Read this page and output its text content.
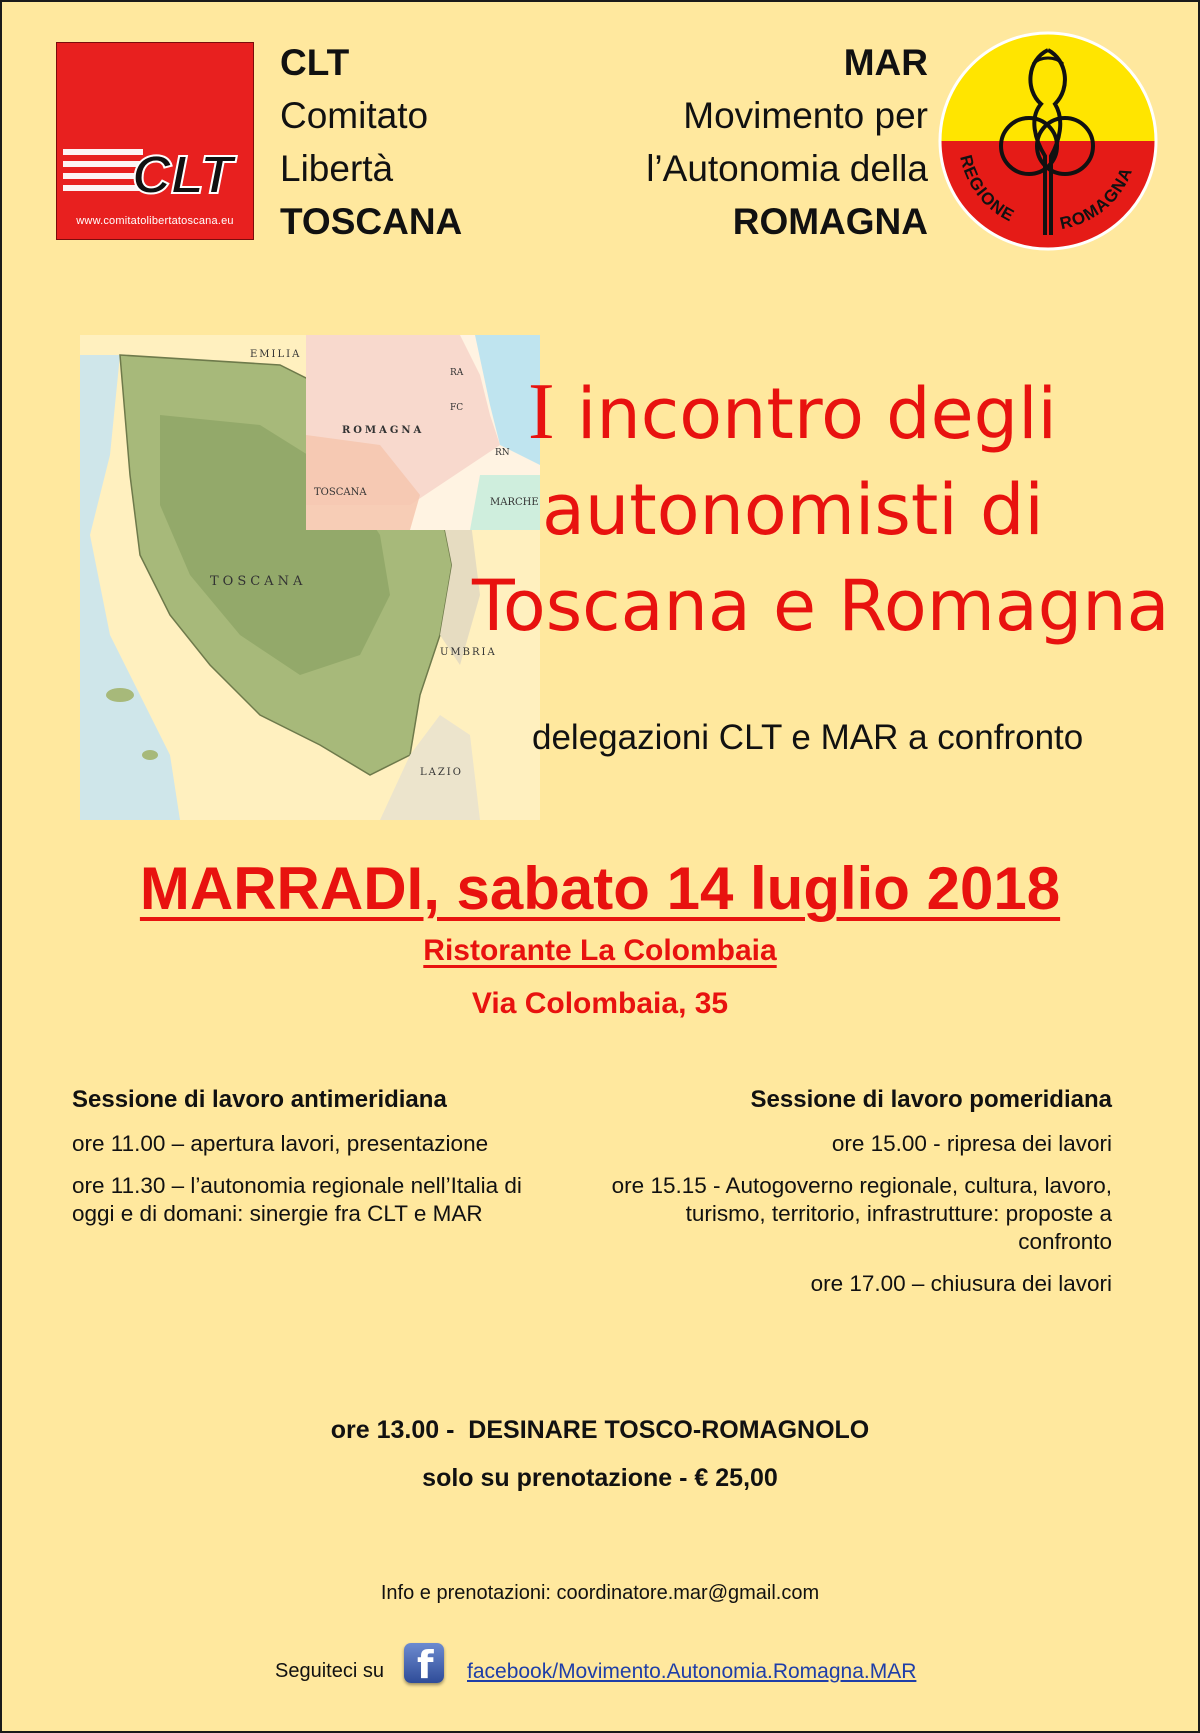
CLT
www.comitatolibertatoscana.eu
CLT
Comitato
Libertà
TOSCANA
MAR
Movimento per
l’Autonomia della
ROMAGNA
REGIONE ROMAGNA
EMILIA
ROMAGNA
TOSCANA
MARCHE
TOSCANA
UMBRIA
LAZIO
RA
FC
RN I incontro degli
autonomisti di
Toscana e Romagna
delegazioni CLT e MAR a confronto
MARRADI, sabato 14 luglio 2018
Ristorante La Colombaia
Via Colombaia, 35
Sessione di lavoro antimeridiana

ore 11.00 – apertura lavori, presentazione

ore 11.30 – l’autonomia regionale nell’Italia di oggi e di domani: sinergie fra CLT e MAR

Sessione di lavoro pomeridiana

ore 15.00 - ripresa dei lavori

ore 15.15 - Autogoverno regionale, cultura, lavoro, turismo, territorio, infrastrutture: proposte a confronto

ore 17.00 – chiusura dei lavori

ore 13.00 -  DESINARE TOSCO-ROMAGNOLO
solo su prenotazione - € 25,00
Info e prenotazioni: coordinatore.mar@gmail.com
Seguiteci su f facebook/Movimento.Autonomia.Romagna.MAR
